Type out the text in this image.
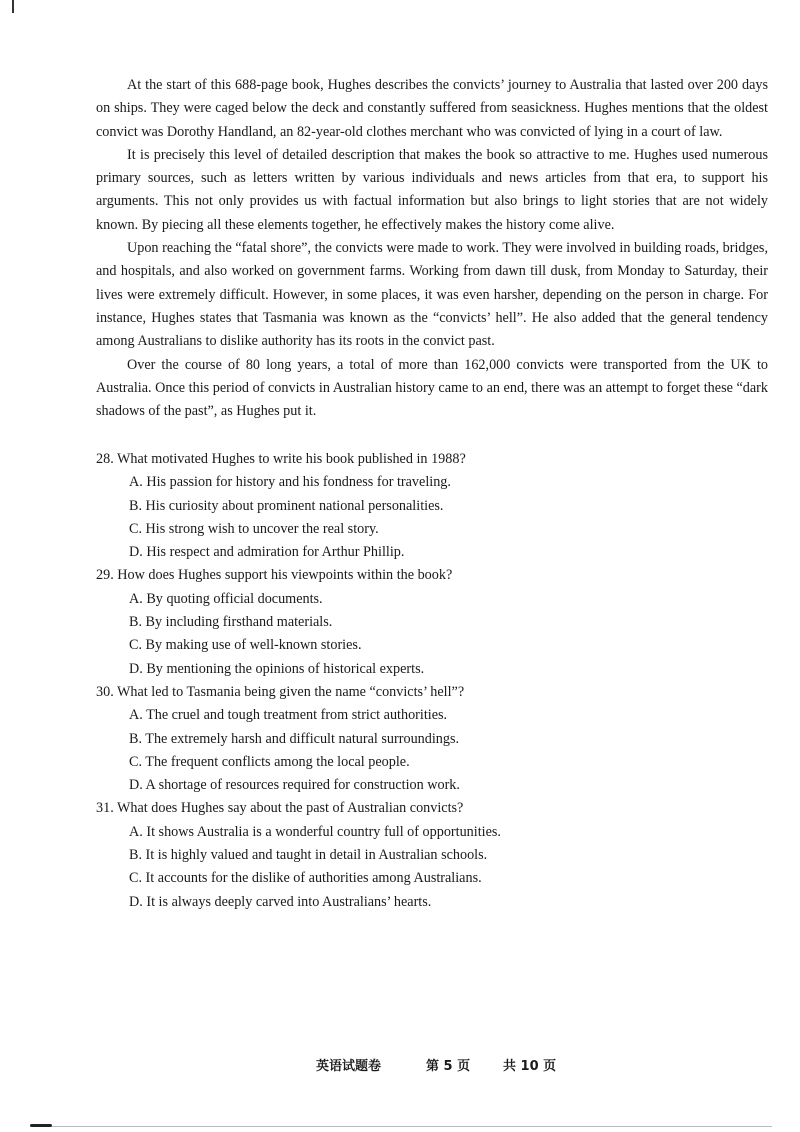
At the start of this 688-page book, Hughes describes the convicts’ journey to Australia that lasted over 200 days on ships. They were caged below the deck and constantly suffered from seasickness. Hughes mentions that the oldest convict was Dorothy Handland, an 82-year-old clothes merchant who was convicted of lying in a court of law.

It is precisely this level of detailed description that makes the book so attractive to me. Hughes used numerous primary sources, such as letters written by various individuals and news articles from that era, to support his arguments. This not only provides us with factual information but also brings to light stories that are not widely known. By piecing all these elements together, he effectively makes the history come alive.

Upon reaching the “fatal shore”, the convicts were made to work. They were involved in building roads, bridges, and hospitals, and also worked on government farms. Working from dawn till dusk, from Monday to Saturday, their lives were extremely difficult. However, in some places, it was even harsher, depending on the person in charge. For instance, Hughes states that Tasmania was known as the “convicts’ hell”. He also added that the general tendency among Australians to dislike authority has its roots in the convict past.

Over the course of 80 long years, a total of more than 162,000 convicts were transported from the UK to Australia. Once this period of convicts in Australian history came to an end, there was an attempt to forget these “dark shadows of the past”, as Hughes put it.

28. What motivated Hughes to write his book published in 1988?

A. His passion for history and his fondness for traveling.

B. His curiosity about prominent national personalities.

C. His strong wish to uncover the real story.

D. His respect and admiration for Arthur Phillip.

29. How does Hughes support his viewpoints within the book?

A. By quoting official documents.

B. By including firsthand materials.

C. By making use of well-known stories.

D. By mentioning the opinions of historical experts.

30. What led to Tasmania being given the name “convicts’ hell”?

A. The cruel and tough treatment from strict authorities.

B. The extremely harsh and difficult natural surroundings.

C. The frequent conflicts among the local people.

D. A shortage of resources required for construction work.

31. What does Hughes say about the past of Australian convicts?

A. It shows Australia is a wonderful country full of opportunities.

B. It is highly valued and taught in detail in Australian schools.

C. It accounts for the dislike of authorities among Australians.

D. It is always deeply carved into Australians’ hearts.

英语试题卷	第 5 页	共 10 页
